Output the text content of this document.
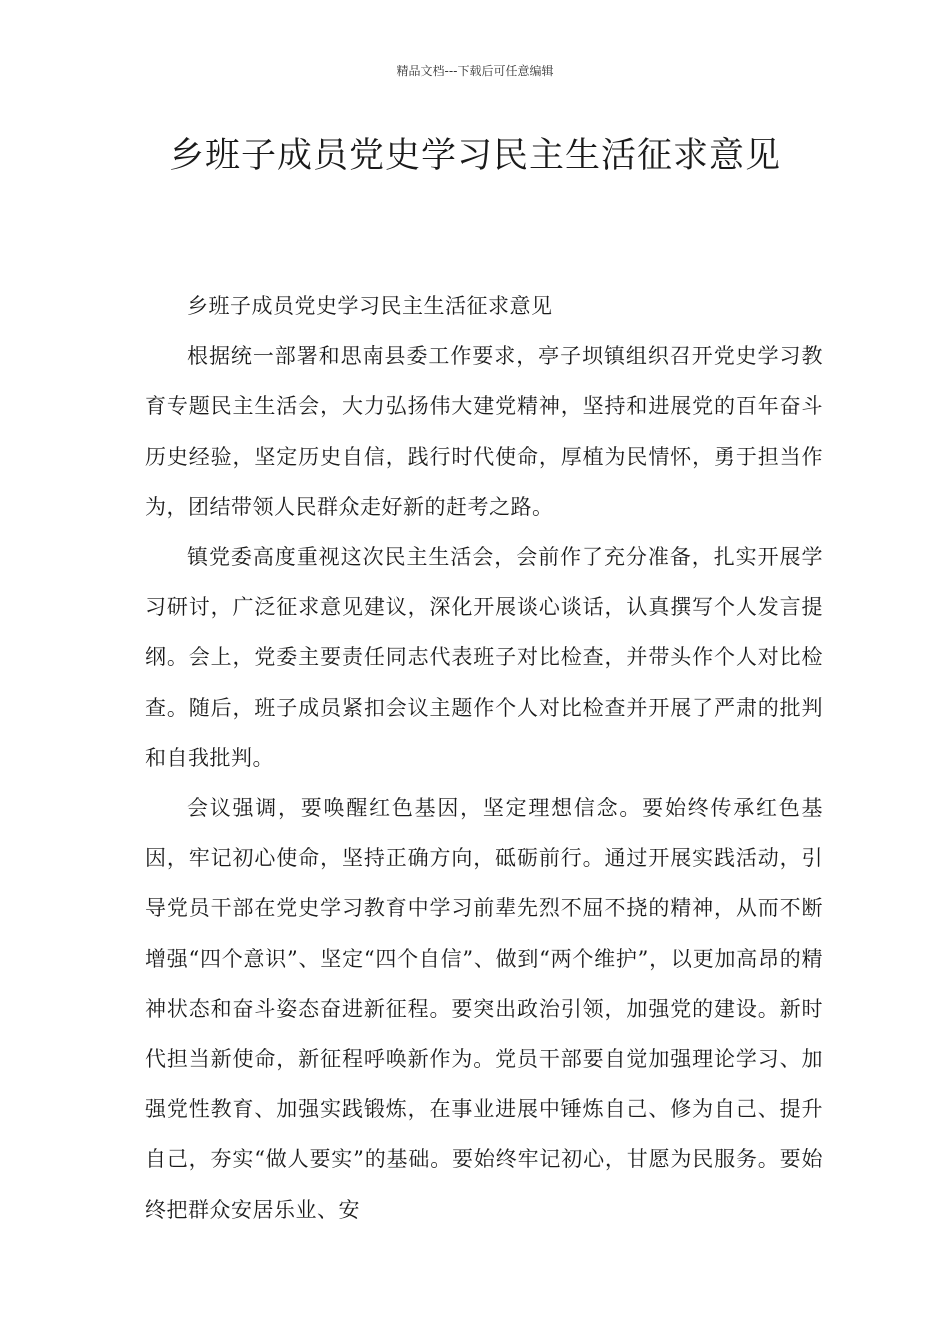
精品文档---下载后可任意编辑
乡班子成员党史学习民主生活征求意见

乡班子成员党史学习民主生活征求意见

根据统一部署和思南县委工作要求，亭子坝镇组织召开党史学习教育专题民主生活会，大力弘扬伟大建党精神，坚持和进展党的百年奋斗历史经验，坚定历史自信，践行时代使命，厚植为民情怀，勇于担当作为，团结带领人民群众走好新的赶考之路。

镇党委高度重视这次民主生活会，会前作了充分准备，扎实开展学习研讨，广泛征求意见建议，深化开展谈心谈话，认真撰写个人发言提纲。会上，党委主要责任同志代表班子对比检查，并带头作个人对比检查。随后，班子成员紧扣会议主题作个人对比检查并开展了严肃的批判和自我批判。

会议强调，要唤醒红色基因，坚定理想信念。要始终传承红色基因，牢记初心使命，坚持正确方向，砥砺前行。通过开展实践活动，引导党员干部在党史学习教育中学习前辈先烈不屈不挠的精神，从而不断增强“四个意识”、坚定“四个自信”、做到“两个维护”，以更加高昂的精神状态和奋斗姿态奋进新征程。要突出政治引领，加强党的建设。新时代担当新使命，新征程呼唤新作为。党员干部要自觉加强理论学习、加强党性教育、加强实践锻炼，在事业进展中锤炼自己、修为自己、提升自己，夯实“做人要实”的基础。要始终牢记初心，甘愿为民服务。要始终把群众安居乐业、安
